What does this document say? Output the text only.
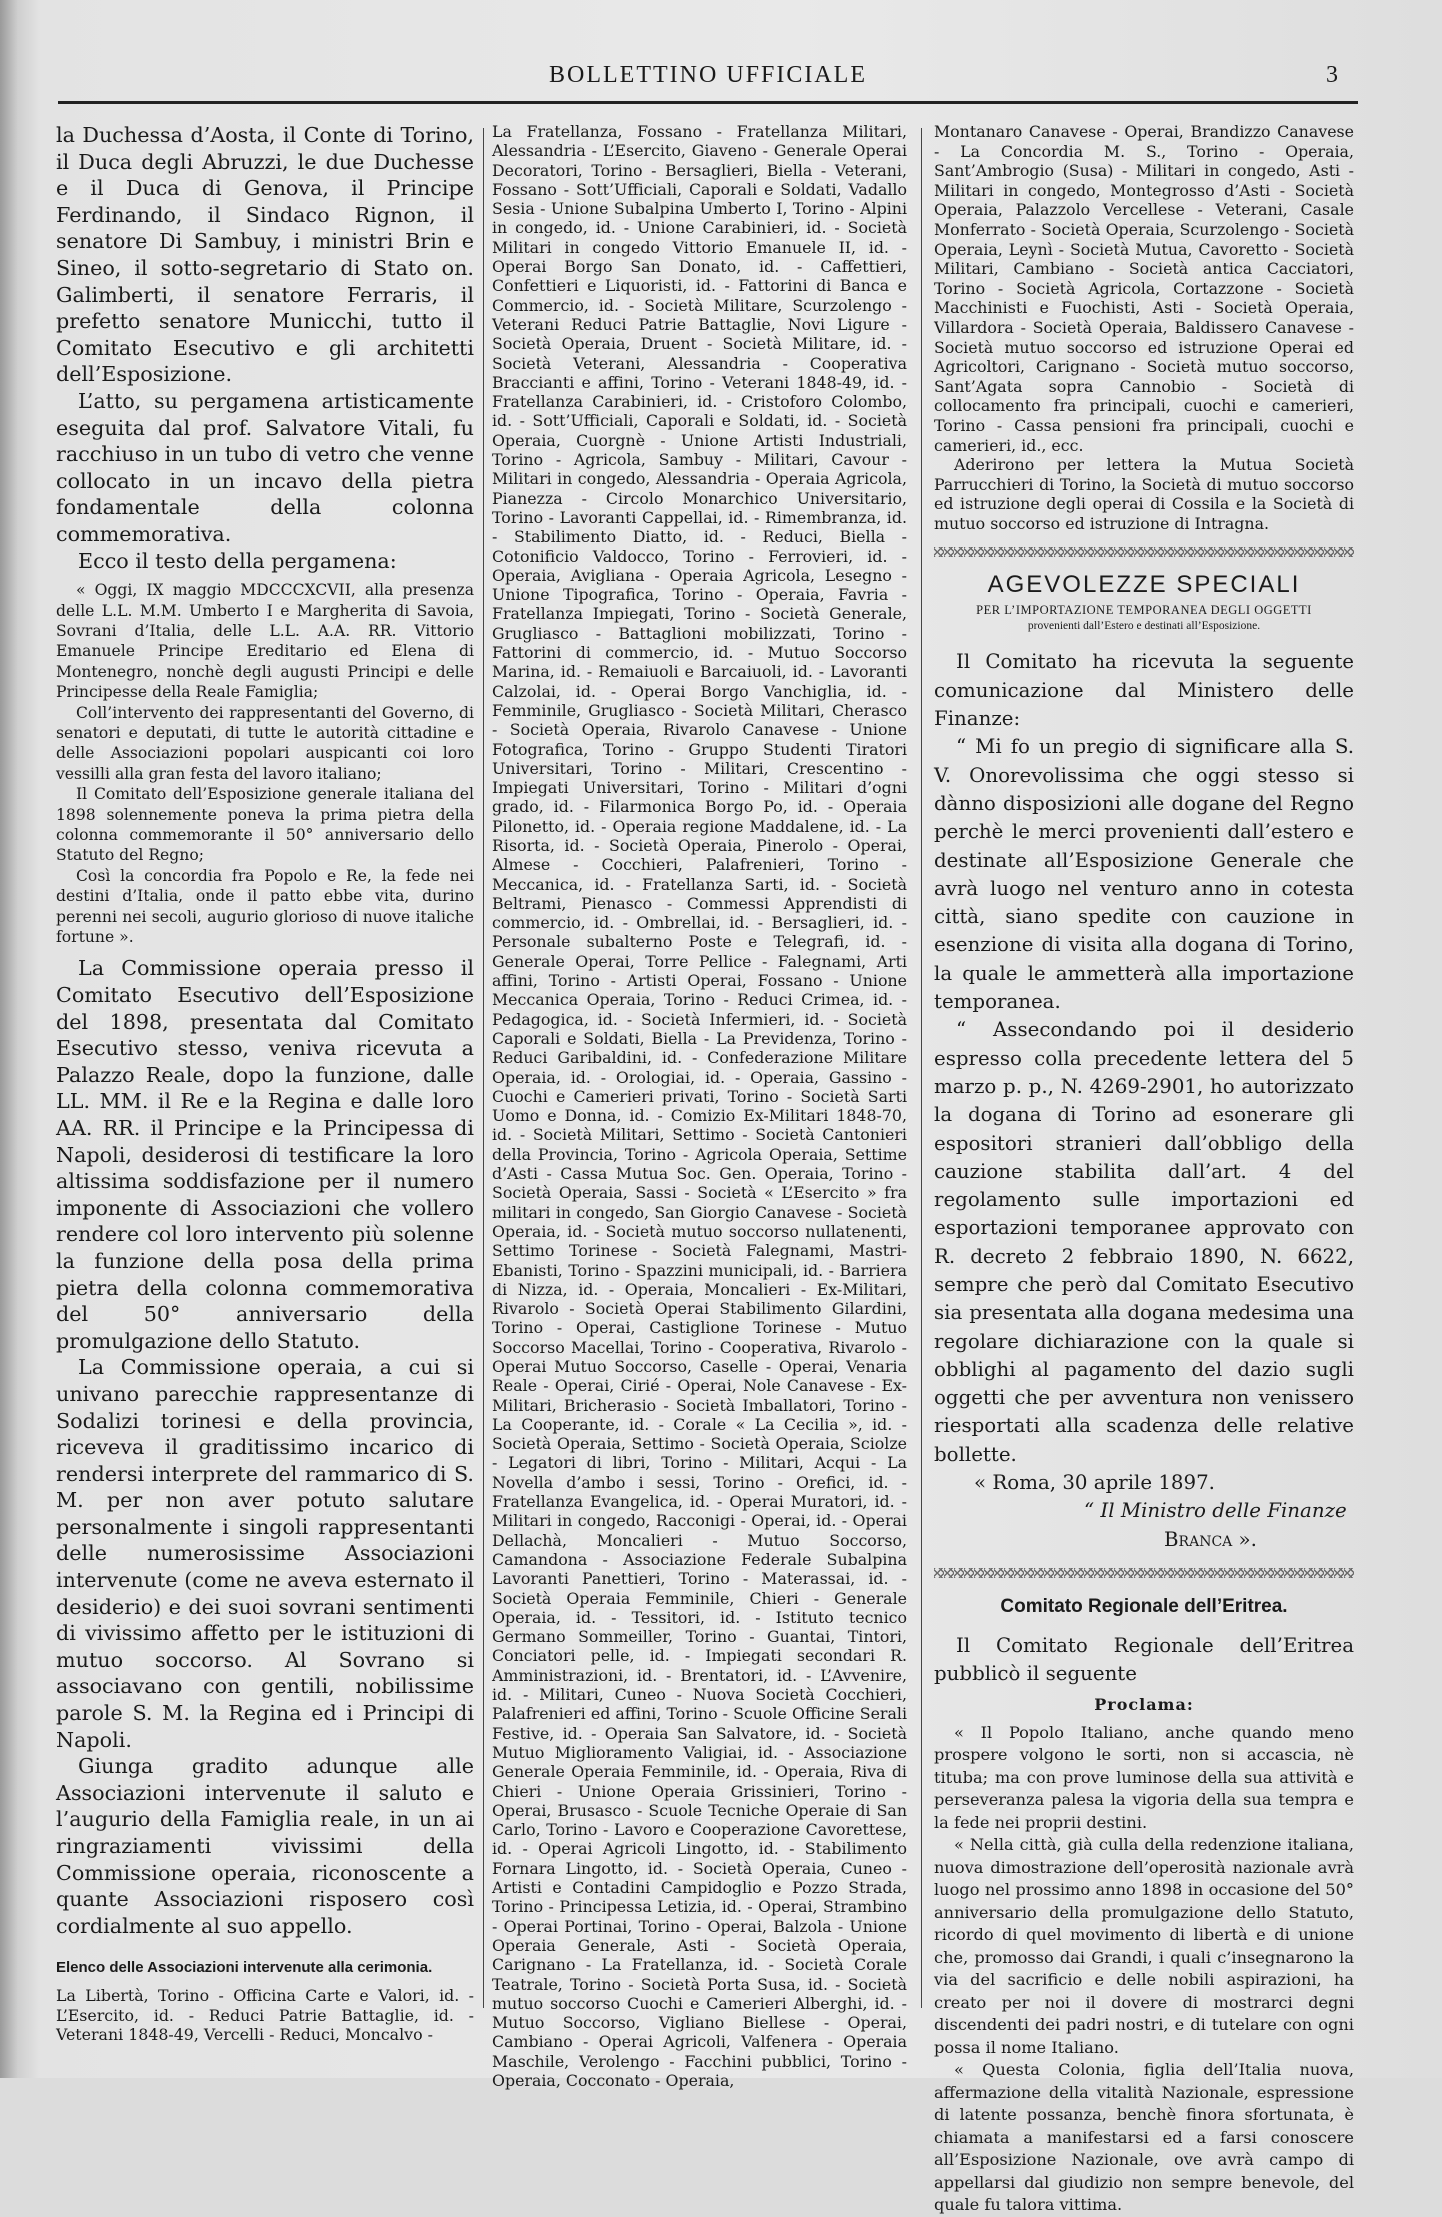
BOLLETTINO UFFICIALE	3

la Duchessa d’Aosta, il Conte di Torino, il Duca degli Abruzzi, le due Duchesse e il Duca di Genova, il Principe Ferdinando, il Sindaco Rignon, il senatore Di Sambuy, i ministri Brin e Sineo, il sotto-segretario di Stato on. Galimberti, il senatore Ferraris, il prefetto senatore Municchi, tutto il Comitato Esecutivo e gli architetti dell’Esposizione.

L’atto, su pergamena artisticamente eseguita dal prof. Salvatore Vitali, fu racchiuso in un tubo di vetro che venne collocato in un incavo della pietra fondamentale della colonna commemorativa.

Ecco il testo della pergamena:

« Oggi, IX maggio MDCCCXCVII, alla presenza delle L.L. M.M. Umberto I e Margherita di Savoia, Sovrani d’Italia, delle L.L. A.A. RR. Vittorio Emanuele Principe Ereditario ed Elena di Montenegro, nonchè degli augusti Principi e delle Principesse della Reale Famiglia;

Coll’intervento dei rappresentanti del Governo, di senatori e deputati, di tutte le autorità cittadine e delle Associazioni popolari auspicanti coi loro vessilli alla gran festa del lavoro italiano;

Il Comitato dell’Esposizione generale italiana del 1898 solennemente poneva la prima pietra della colonna commemorante il 50° anniversario dello Statuto del Regno;

Così la concordia fra Popolo e Re, la fede nei destini d’Italia, onde il patto ebbe vita, durino perenni nei secoli, augurio glorioso di nuove italiche fortune ».

La Commissione operaia presso il Comitato Esecutivo dell’Esposizione del 1898, presentata dal Comitato Esecutivo stesso, veniva ricevuta a Palazzo Reale, dopo la funzione, dalle LL. MM. il Re e la Regina e dalle loro AA. RR. il Principe e la Principessa di Napoli, desiderosi di testificare la loro altissima soddisfazione per il numero imponente di Associazioni che vollero rendere col loro intervento più solenne la funzione della posa della prima pietra della colonna commemorativa del 50° anniversario della promulgazione dello Statuto.

La Commissione operaia, a cui si univano parecchie rappresentanze di Sodalizi torinesi e della provincia, riceveva il graditissimo incarico di rendersi interprete del rammarico di S. M. per non aver potuto salutare personalmente i singoli rappresentanti delle numerosissime Associazioni intervenute (come ne aveva esternato il desiderio) e dei suoi sovrani sentimenti di vivissimo affetto per le istituzioni di mutuo soccorso. Al Sovrano si associavano con gentili, nobilissime parole S. M. la Regina ed i Principi di Napoli.

Giunga gradito adunque alle Associazioni intervenute il saluto e l’augurio della Famiglia reale, in un ai ringraziamenti vivissimi della Commissione operaia, riconoscente a quante Associazioni risposero così cordialmente al suo appello.

Elenco delle Associazioni intervenute alla cerimonia.

La Libertà, Torino - Officina Carte e Valori, id. - L’Esercito, id. - Reduci Patrie Battaglie, id. - Veterani 1848-49, Vercelli - Reduci, Moncalvo -

La Fratellanza, Fossano - Fratellanza Militari, Alessandria - L’Esercito, Giaveno - Generale Operai Decoratori, Torino - Bersaglieri, Biella - Veterani, Fossano - Sott’Ufficiali, Caporali e Soldati, Vadallo Sesia - Unione Subalpina Umberto I, Torino - Alpini in congedo, id. - Unione Carabinieri, id. - Società Militari in congedo Vittorio Emanuele II, id. - Operai Borgo San Donato, id. - Caffettieri, Confettieri e Liquoristi, id. - Fattorini di Banca e Commercio, id. - Società Militare, Scurzolengo - Veterani Reduci Patrie Battaglie, Novi Ligure - Società Operaia, Druent - Società Militare, id. - Società Veterani, Alessandria - Cooperativa Braccianti e affini, Torino - Veterani 1848-49, id. - Fratellanza Carabinieri, id. - Cristoforo Colombo, id. - Sott’Ufficiali, Caporali e Soldati, id. - Società Operaia, Cuorgnè - Unione Artisti Industriali, Torino - Agricola, Sambuy - Militari, Cavour - Militari in congedo, Alessandria - Operaia Agricola, Pianezza - Circolo Monarchico Universitario, Torino - Lavoranti Cappellai, id. - Rimembranza, id. - Stabilimento Diatto, id. - Reduci, Biella - Cotonificio Valdocco, Torino - Ferrovieri, id. - Operaia, Avigliana - Operaia Agricola, Lesegno - Unione Tipografica, Torino - Operaia, Favria - Fratellanza Impiegati, Torino - Società Generale, Grugliasco - Battaglioni mobilizzati, Torino - Fattorini di commercio, id. - Mutuo Soccorso Marina, id. - Remaiuoli e Barcaiuoli, id. - Lavoranti Calzolai, id. - Operai Borgo Vanchiglia, id. - Femminile, Grugliasco - Società Militari, Cherasco - Società Operaia, Rivarolo Canavese - Unione Fotografica, Torino - Gruppo Studenti Tiratori Universitari, Torino - Militari, Crescentino - Impiegati Universitari, Torino - Militari d’ogni grado, id. - Filarmonica Borgo Po, id. - Operaia Pilonetto, id. - Operaia regione Maddalene, id. - La Risorta, id. - Società Operaia, Pinerolo - Operai, Almese - Cocchieri, Palafrenieri, Torino - Meccanica, id. - Fratellanza Sarti, id. - Società Beltrami, Pienasco - Commessi Apprendisti di commercio, id. - Ombrellai, id. - Bersaglieri, id. - Personale subalterno Poste e Telegrafi, id. - Generale Operai, Torre Pellice - Falegnami, Arti affini, Torino - Artisti Operai, Fossano - Unione Meccanica Operaia, Torino - Reduci Crimea, id. - Pedagogica, id. - Società Infermieri, id. - Società Caporali e Soldati, Biella - La Previdenza, Torino - Reduci Garibaldini, id. - Confederazione Militare Operaia, id. - Orologiai, id. - Operaia, Gassino - Cuochi e Camerieri privati, Torino - Società Sarti Uomo e Donna, id. - Comizio Ex-Militari 1848-70, id. - Società Militari, Settimo - Società Cantonieri della Provincia, Torino - Agricola Operaia, Settime d’Asti - Cassa Mutua Soc. Gen. Operaia, Torino - Società Operaia, Sassi - Società « L’Esercito » fra militari in congedo, San Giorgio Canavese - Società Operaia, id. - Società mutuo soccorso nullatenenti, Settimo Torinese - Società Falegnami, Mastri-Ebanisti, Torino - Spazzini municipali, id. - Barriera di Nizza, id. - Operaia, Moncalieri - Ex-Militari, Rivarolo - Società Operai Stabilimento Gilardini, Torino - Operai, Castiglione Torinese - Mutuo Soccorso Macellai, Torino - Cooperativa, Rivarolo - Operai Mutuo Soccorso, Caselle - Operai, Venaria Reale - Operai, Cirié - Operai, Nole Canavese - Ex-Militari, Bricherasio - Società Imballatori, Torino - La Cooperante, id. - Corale « La Cecilia », id. - Società Operaia, Settimo - Società Operaia, Sciolze - Legatori di libri, Torino - Militari, Acqui - La Novella d’ambo i sessi, Torino - Orefici, id. - Fratellanza Evangelica, id. - Operai Muratori, id. - Militari in congedo, Racconigi - Operai, id. - Operai Dellachà, Moncalieri - Mutuo Soccorso, Camandona - Associazione Federale Subalpina Lavoranti Panettieri, Torino - Materassai, id. - Società Operaia Femminile, Chieri - Generale Operaia, id. - Tessitori, id. - Istituto tecnico Germano Sommeiller, Torino - Guantai, Tintori, Conciatori pelle, id. - Impiegati secondari R. Amministrazioni, id. - Brentatori, id. - L’Avvenire, id. - Militari, Cuneo - Nuova Società Cocchieri, Palafrenieri ed affini, Torino - Scuole Officine Serali Festive, id. - Operaia San Salvatore, id. - Società Mutuo Miglioramento Valigiai, id. - Associazione Generale Operaia Femminile, id. - Operaia, Riva di Chieri - Unione Operaia Grissinieri, Torino - Operai, Brusasco - Scuole Tecniche Operaie di San Carlo, Torino - Lavoro e Cooperazione Cavorettese, id. - Operai Agricoli Lingotto, id. - Stabilimento Fornara Lingotto, id. - Società Operaia, Cuneo - Artisti e Contadini Campidoglio e Pozzo Strada, Torino - Principessa Letizia, id. - Operai, Strambino - Operai Portinai, Torino - Operai, Balzola - Unione Operaia Generale, Asti - Società Operaia, Carignano - La Fratellanza, id. - Società Corale Teatrale, Torino - Società Porta Susa, id. - Società mutuo soccorso Cuochi e Camerieri Alberghi, id. - Mutuo Soccorso, Vigliano Biellese - Operai, Cambiano - Operai Agricoli, Valfenera - Operaia Maschile, Verolengo - Facchini pubblici, Torino - Operaia, Cocconato - Operaia,

Montanaro Canavese - Operai, Brandizzo Canavese - La Concordia M. S., Torino - Operaia, Sant’Ambrogio (Susa) - Militari in congedo, Asti - Militari in congedo, Montegrosso d’Asti - Società Operaia, Palazzolo Vercellese - Veterani, Casale Monferrato - Società Operaia, Scurzolengo - Società Operaia, Leynì - Società Mutua, Cavoretto - Società Militari, Cambiano - Società antica Cacciatori, Torino - Società Agricola, Cortazzone - Società Macchinisti e Fuochisti, Asti - Società Operaia, Villardora - Società Operaia, Baldissero Canavese - Società mutuo soccorso ed istruzione Operai ed Agricoltori, Carignano - Società mutuo soccorso, Sant’Agata sopra Cannobio - Società di collocamento fra principali, cuochi e camerieri, Torino - Cassa pensioni fra principali, cuochi e camerieri, id., ecc.

Aderirono per lettera la Mutua Società Parrucchieri di Torino, la Società di mutuo soccorso ed istruzione degli operai di Cossila e la Società di mutuo soccorso ed istruzione di Intragna.

AGEVOLEZZE SPECIALI
PER L’IMPORTAZIONE TEMPORANEA DEGLI OGGETTI
provenienti dall’Estero e destinati all’Esposizione.

Il Comitato ha ricevuta la seguente comunicazione dal Ministero delle Finanze:

“ Mi fo un pregio di significare alla S. V. Onorevolissima che oggi stesso si dànno disposizioni alle dogane del Regno perchè le merci provenienti dall’estero e destinate all’Esposizione Generale che avrà luogo nel venturo anno in cotesta città, siano spedite con cauzione in esenzione di visita alla dogana di Torino, la quale le ammetterà alla importazione temporanea.

“ Assecondando poi il desiderio espresso colla precedente lettera del 5 marzo p. p., N. 4269-2901, ho autorizzato la dogana di Torino ad esonerare gli espositori stranieri dall’obbligo della cauzione stabilita dall’art. 4 del regolamento sulle importazioni ed esportazioni temporanee approvato con R. decreto 2 febbraio 1890, N. 6622, sempre che però dal Comitato Esecutivo sia presentata alla dogana medesima una regolare dichiarazione con la quale si obblighi al pagamento del dazio sugli oggetti che per avventura non venissero riesportati alla scadenza delle relative bollette.

« Roma, 30 aprile 1897.

“ Il Ministro delle Finanze

Branca ».

Comitato Regionale dell’Eritrea.

Il Comitato Regionale dell’Eritrea pubblicò il seguente

Proclama:

« Il Popolo Italiano, anche quando meno prospere volgono le sorti, non si accascia, nè tituba; ma con prove luminose della sua attività e perseveranza palesa la vigoria della sua tempra e la fede nei proprii destini.

« Nella città, già culla della redenzione italiana, nuova dimostrazione dell’operosità nazionale avrà luogo nel prossimo anno 1898 in occasione del 50° anniversario della promulgazione dello Statuto, ricordo di quel movimento di libertà e di unione che, promosso dai Grandi, i quali c’insegnarono la via del sacrificio e delle nobili aspirazioni, ha creato per noi il dovere di mostrarci degni discendenti dei padri nostri, e di tutelare con ogni possa il nome Italiano.

« Questa Colonia, figlia dell’Italia nuova, affermazione della vitalità Nazionale, espressione di latente possanza, benchè finora sfortunata, è chiamata a manifestarsi ed a farsi conoscere all’Esposizione Nazionale, ove avrà campo di appellarsi dal giudizio non sempre benevole, del quale fu talora vittima.
